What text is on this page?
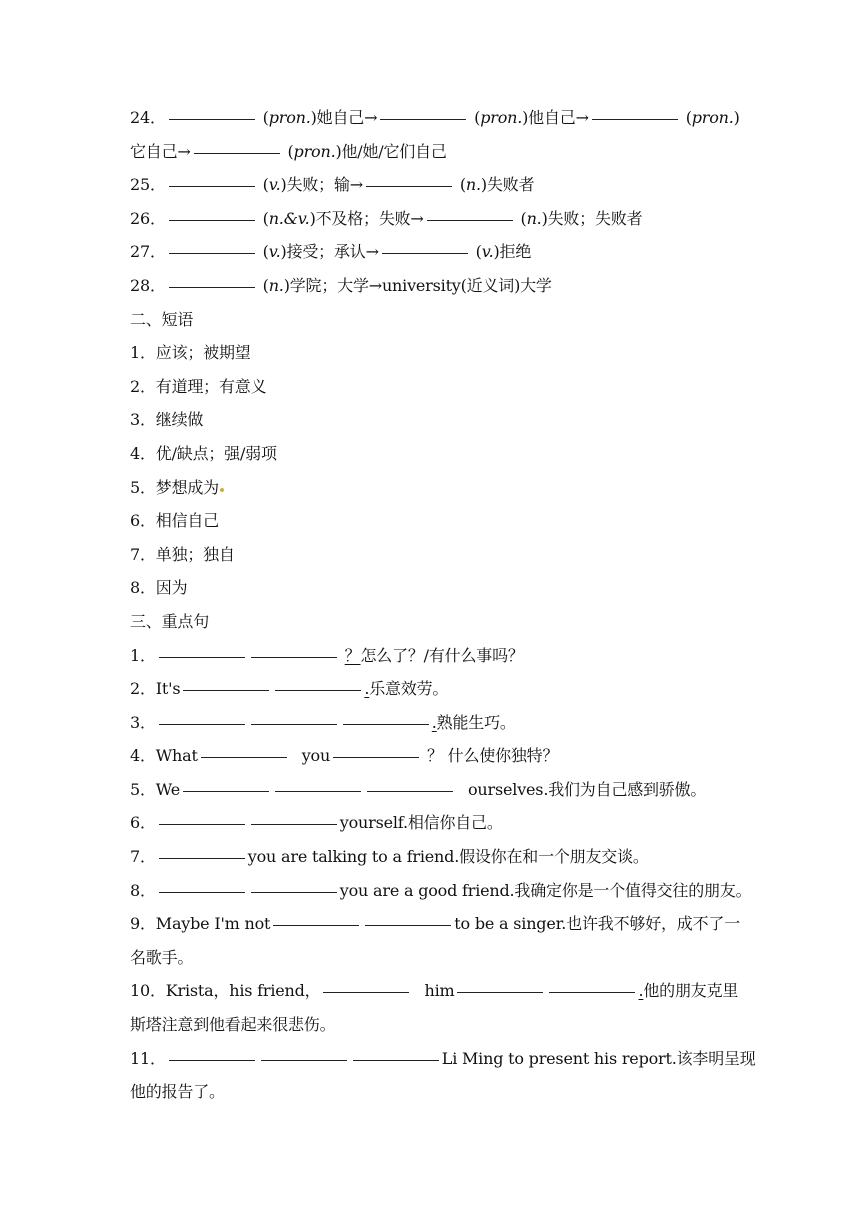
24．	(pron.)她自己→	(pron.)他自己→	(pron.)
它自己→	(pron.)他/她/它们自己
25．	(v.)失败；输→	(n.)失败者
26．	(n.&v.)不及格；失败→	(n.)失败；失败者
27．	(v.)接受；承认→	(v.)拒绝
28．	(n.)学院；大学→university(近义词)大学
二、短语
1．应该；被期望
2．有道理；有意义
3．继续做
4．优/缺点；强/弱项
5．梦想成为
6．相信自己
7．单独；独自
8．因为
三、重点句
1．	？怎么了？/有什么事吗？
2．It's	.乐意效劳。
3．	.熟能生巧。
4．What	you	？ 什么使你独特？
5．We	ourselves.我们为自己感到骄傲。
6．	yourself.相信你自己。
7．	you are talking to a friend.假设你在和一个朋友交谈。
8．	you are a good friend.我确定你是一个值得交往的朋友。
9．Maybe I'm not	to be a singer.也许我不够好，成不了一
名歌手。
10．Krista，his friend，	him	.他的朋友克里
斯塔注意到他看起来很悲伤。
11．	Li Ming to present his report.该李明呈现
他的报告了。
